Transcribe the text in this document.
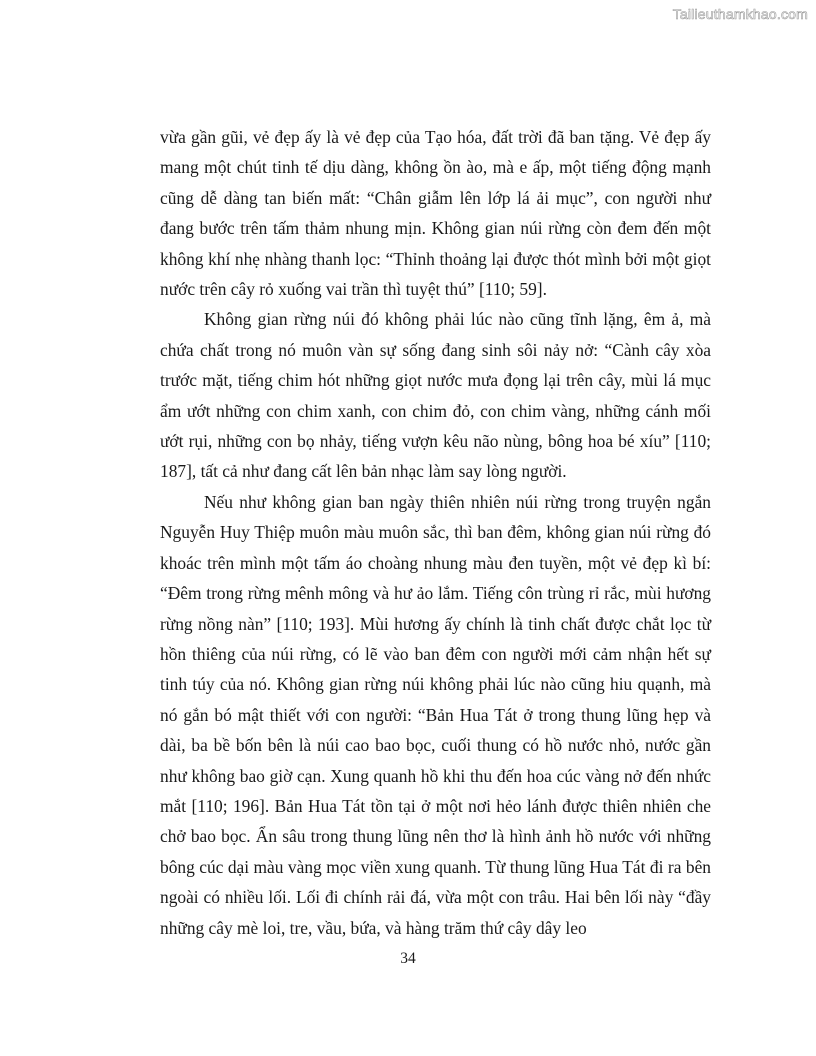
Tailieuthamkhao.com

vừa gần gũi, vẻ đẹp ấy là vẻ đẹp của Tạo hóa, đất trời đã ban tặng. Vẻ đẹp ấy mang một chút tinh tế dịu dàng, không ồn ào, mà e ấp, một tiếng động mạnh cũng dễ dàng tan biến mất: “Chân giẫm lên lớp lá ải mục”, con người như đang bước trên tấm thảm nhung mịn. Không gian núi rừng còn đem đến một không khí nhẹ nhàng thanh lọc: “Thỉnh thoảng lại được thót mình bởi một giọt nước trên cây rỏ xuống vai trần thì tuyệt thú” [110; 59].

Không gian rừng núi đó không phải lúc nào cũng tĩnh lặng, êm ả, mà chứa chất trong nó muôn vàn sự sống đang sinh sôi nảy nở: “Cành cây xòa trước mặt, tiếng chim hót những giọt nước mưa đọng lại trên cây, mùi lá mục ẩm ướt những con chim xanh, con chim đỏ, con chim vàng, những cánh mối ướt rụi, những con bọ nhảy, tiếng vượn kêu não nùng, bông hoa bé xíu” [110; 187], tất cả như đang cất lên bản nhạc làm say lòng người.

Nếu như không gian ban ngày thiên nhiên núi rừng trong truyện ngắn Nguyễn Huy Thiệp muôn màu muôn sắc, thì ban đêm, không gian núi rừng đó khoác trên mình một tấm áo choàng nhung màu đen tuyền, một vẻ đẹp kì bí: “Đêm trong rừng mênh mông và hư ảo lắm. Tiếng côn trùng rỉ rắc, mùi hương rừng nồng nàn” [110; 193]. Mùi hương ấy chính là tinh chất được chắt lọc từ hồn thiêng của núi rừng, có lẽ vào ban đêm con người mới cảm nhận hết sự tinh túy của nó. Không gian rừng núi không phải lúc nào cũng hiu quạnh, mà nó gắn bó mật thiết với con người: “Bản Hua Tát ở trong thung lũng hẹp và dài, ba bề bốn bên là núi cao bao bọc, cuối thung có hồ nước nhỏ, nước gần như không bao giờ cạn. Xung quanh hồ khi thu đến hoa cúc vàng nở đến nhức mắt [110; 196]. Bản Hua Tát tồn tại ở một nơi hẻo lánh được thiên nhiên che chở bao bọc. Ẩn sâu trong thung lũng nên thơ là hình ảnh hồ nước với những bông cúc dại màu vàng mọc viền xung quanh. Từ thung lũng Hua Tát đi ra bên ngoài có nhiều lối. Lối đi chính rải đá, vừa một con trâu. Hai bên lối này “đầy những cây mè loi, tre, vầu, bứa, và hàng trăm thứ cây dây leo

34
